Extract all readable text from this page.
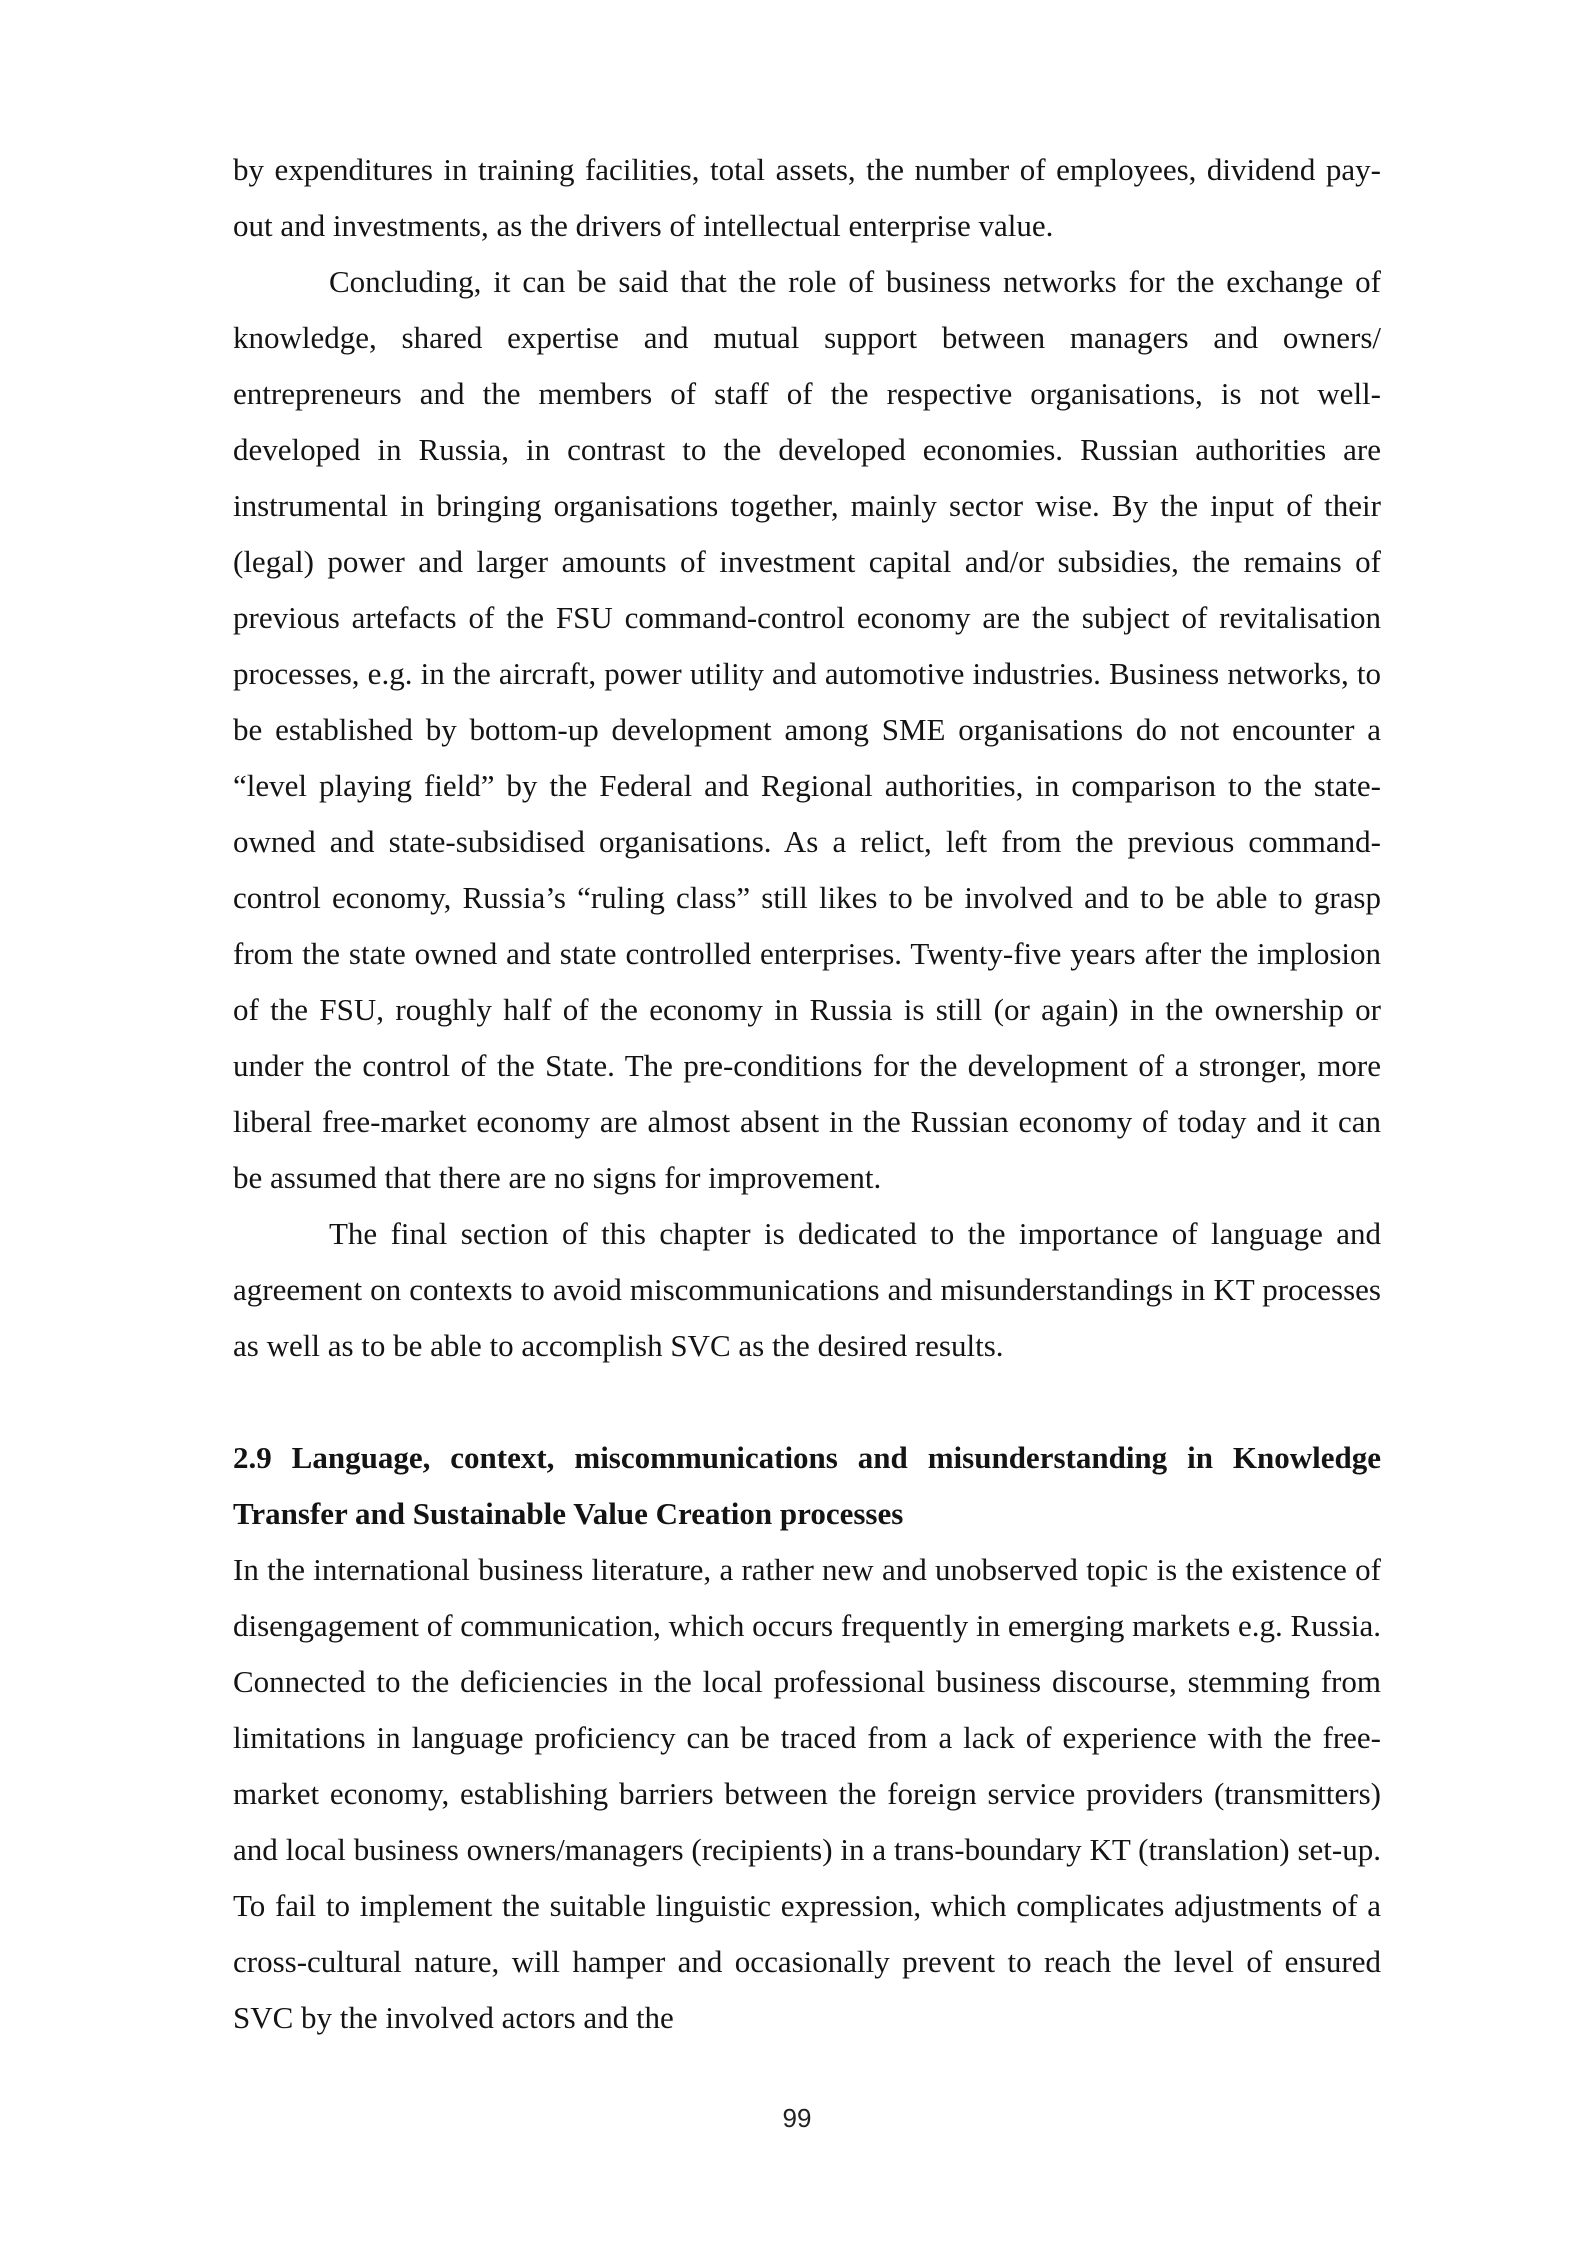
by expenditures in training facilities, total assets, the number of employees, dividend pay-out and investments, as the drivers of intellectual enterprise value.

Concluding, it can be said that the role of business networks for the exchange of knowledge, shared expertise and mutual support between managers and owners/ entrepreneurs and the members of staff of the respective organisations, is not well-developed in Russia, in contrast to the developed economies. Russian authorities are instrumental in bringing organisations together, mainly sector wise. By the input of their (legal) power and larger amounts of investment capital and/or subsidies, the remains of previous artefacts of the FSU command-control economy are the subject of revitalisation processes, e.g. in the aircraft, power utility and automotive industries. Business networks, to be established by bottom-up development among SME organisations do not encounter a “level playing field” by the Federal and Regional authorities, in comparison to the state-owned and state-subsidised organisations. As a relict, left from the previous command-control economy, Russia’s “ruling class” still likes to be involved and to be able to grasp from the state owned and state controlled enterprises. Twenty-five years after the implosion of the FSU, roughly half of the economy in Russia is still (or again) in the ownership or under the control of the State. The pre-conditions for the development of a stronger, more liberal free-market economy are almost absent in the Russian economy of today and it can be assumed that there are no signs for improvement.

The final section of this chapter is dedicated to the importance of language and agreement on contexts to avoid miscommunications and misunderstandings in KT processes as well as to be able to accomplish SVC as the desired results.

2.9 Language, context, miscommunications and misunderstanding in Knowledge Transfer and Sustainable Value Creation processes

In the international business literature, a rather new and unobserved topic is the existence of disengagement of communication, which occurs frequently in emerging markets e.g. Russia. Connected to the deficiencies in the local professional business discourse, stemming from limitations in language proficiency can be traced from a lack of experience with the free-market economy, establishing barriers between the foreign service providers (transmitters) and local business owners/managers (recipients) in a trans-boundary KT (translation) set-up. To fail to implement the suitable linguistic expression, which complicates adjustments of a cross-cultural nature, will hamper and occasionally prevent to reach the level of ensured SVC by the involved actors and the

99
